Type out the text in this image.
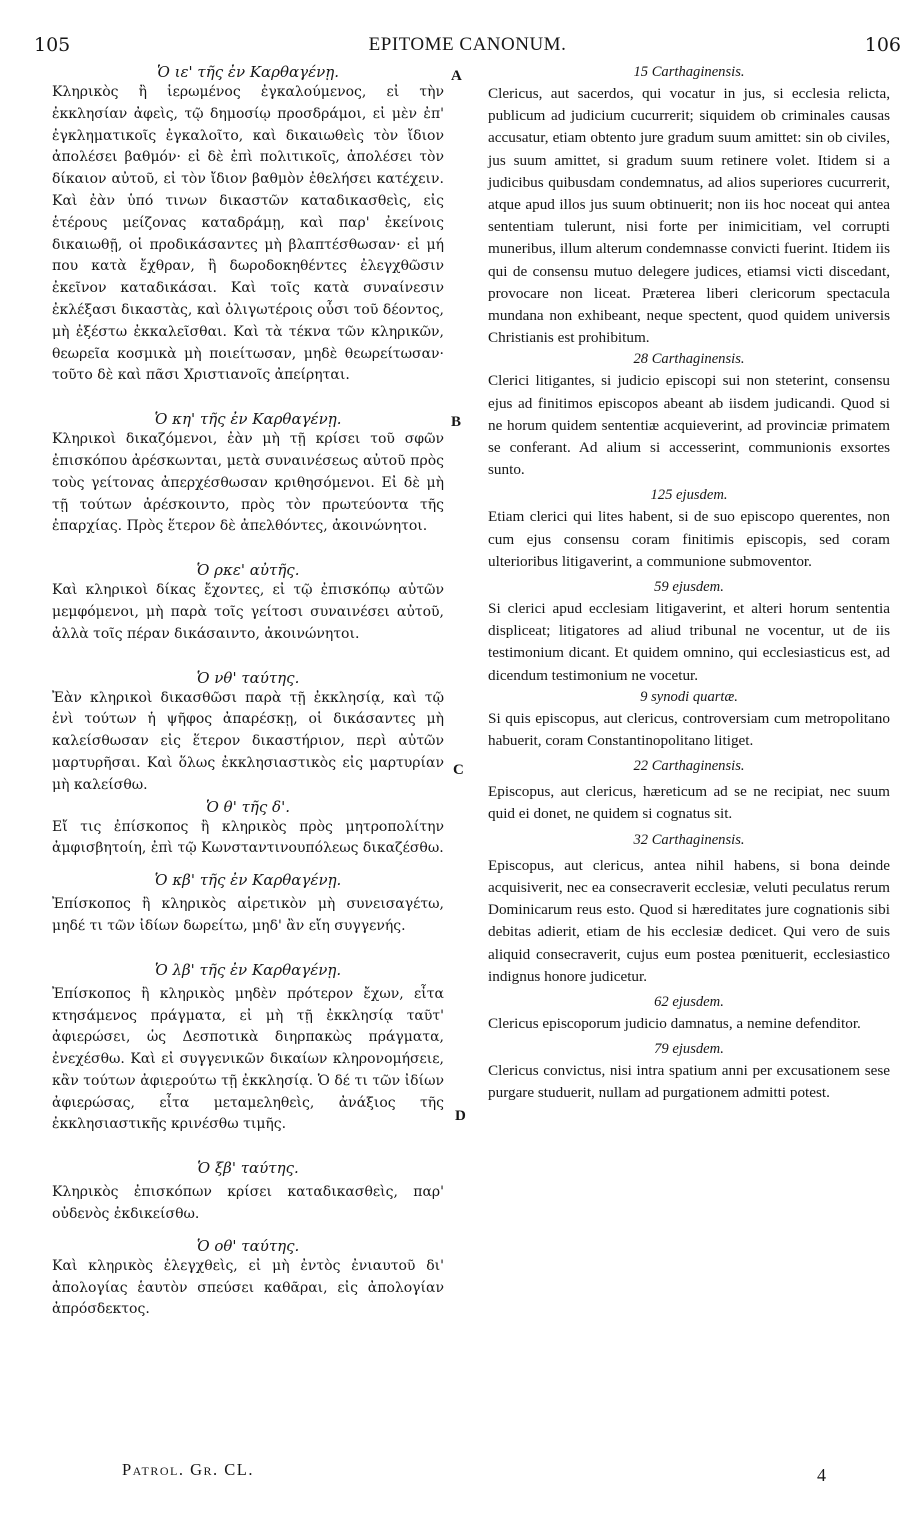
105	EPITOME CANONUM.	106
A
B
C
D

Ὁ ιε' τῆς ἐν Καρθαγένῃ.

Κληρικὸς ἢ ἱερωμένος ἐγκαλούμενος, εἰ τὴν ἐκκλησίαν ἀφεὶς, τῷ δημοσίῳ προσδράμοι, εἰ μὲν ἐπ' ἐγκληματικοῖς ἐγκαλοῖτο, καὶ δικαιωθεὶς τὸν ἴδιον ἀπολέσει βαθμόν· εἰ δὲ ἐπὶ πολιτικοῖς, ἀπολέσει τὸν δίκαιον αὐτοῦ, εἰ τὸν ἴδιον βαθμὸν ἐθελήσει κατέχειν. Καὶ ἐὰν ὑπό τινων δικαστῶν καταδικασθεὶς, εἰς ἑτέρους μείζονας καταδράμῃ, καὶ παρ' ἐκείνοις δικαιωθῇ, οἱ προδικάσαντες μὴ βλαπτέσθωσαν· εἰ μή που κατὰ ἔχθραν, ἢ δωροδοκηθέντες ἐλεγχθῶσιν ἐκεῖνον καταδικάσαι. Καὶ τοῖς κατὰ συναίνεσιν ἐκλέξασι δικαστὰς, καὶ ὀλιγωτέροις οὖσι τοῦ δέοντος, μὴ ἐξέστω ἐκκαλεῖσθαι. Καὶ τὰ τέκνα τῶν κληρικῶν, θεωρεῖα κοσμικὰ μὴ ποιείτωσαν, μηδὲ θεωρείτωσαν· τοῦτο δὲ καὶ πᾶσι Χριστιανοῖς ἀπείρηται.

Ὁ κη' τῆς ἐν Καρθαγένῃ.

Κληρικοὶ δικαζόμενοι, ἐὰν μὴ τῇ κρίσει τοῦ σφῶν ἐπισκόπου ἀρέσκωνται, μετὰ συναινέσεως αὐτοῦ πρὸς τοὺς γείτονας ἀπερχέσθωσαν κριθησόμενοι. Εἰ δὲ μὴ τῇ τούτων ἀρέσκοιντο, πρὸς τὸν πρωτεύοντα τῆς ἐπαρχίας. Πρὸς ἕτερον δὲ ἀπελθόντες, ἀκοινώνητοι.

Ὁ ρκε' αὐτῆς.

Καὶ κληρικοὶ δίκας ἔχοντες, εἰ τῷ ἐπισκόπῳ αὐτῶν μεμφόμενοι, μὴ παρὰ τοῖς γείτοσι συναινέσει αὐτοῦ, ἀλλὰ τοῖς πέραν δικάσαιντο, ἀκοινώνητοι.

Ὁ νθ' ταύτης.

Ἐὰν κληρικοὶ δικασθῶσι παρὰ τῇ ἐκκλησίᾳ, καὶ τῷ ἑνὶ τούτων ἡ ψῆφος ἀπαρέσκῃ, οἱ δικάσαντες μὴ καλείσθωσαν εἰς ἕτερον δικαστήριον, περὶ αὐτῶν μαρτυρῆσαι. Καὶ ὅλως ἐκκλησιαστικὸς εἰς μαρτυρίαν μὴ καλείσθω.

Ὁ θ' τῆς δ'.

Εἴ τις ἐπίσκοπος ἢ κληρικὸς πρὸς μητροπολίτην ἀμφισβητοίη, ἐπὶ τῷ Κωνσταντινουπόλεως δικαζέσθω.

Ὁ κβ' τῆς ἐν Καρθαγένῃ.

Ἐπίσκοπος ἢ κληρικὸς αἱρετικὸν μὴ συνεισαγέτω, μηδέ τι τῶν ἰδίων δωρείτω, μηδ' ἂν εἴη συγγενής.

Ὁ λβ' τῆς ἐν Καρθαγένῃ.

Ἐπίσκοπος ἢ κληρικὸς μηδὲν πρότερον ἔχων, εἶτα κτησάμενος πράγματα, εἰ μὴ τῇ ἐκκλησίᾳ ταῦτ' ἀφιερώσει, ὡς Δεσποτικὰ διηρπακὼς πράγματα, ἐνεχέσθω. Καὶ εἰ συγγενικῶν δικαίων κληρονομήσειε, κἂν τούτων ἀφιερούτω τῇ ἐκκλησίᾳ. Ὁ δέ τι τῶν ἰδίων ἀφιερώσας, εἶτα μεταμεληθεὶς, ἀνάξιος τῆς ἐκκλησιαστικῆς κρινέσθω τιμῆς.

Ὁ ξβ' ταύτης.

Κληρικὸς ἐπισκόπων κρίσει καταδικασθεὶς, παρ' οὐδενὸς ἐκδικείσθω.

Ὁ οθ' ταύτης.

Καὶ κληρικὸς ἐλεγχθεὶς, εἰ μὴ ἐντὸς ἐνιαυτοῦ δι' ἀπολογίας ἑαυτὸν σπεύσει καθᾶραι, εἰς ἀπολογίαν ἀπρόσδεκτος.

15 Carthaginensis.

Clericus, aut sacerdos, qui vocatur in jus, si ecclesia relicta, publicum ad judicium cucurrerit; siquidem ob criminales causas accusatur, etiam obtento jure gradum suum amittet: sin ob civiles, jus suum amittet, si gradum suum retinere volet. Itidem si a judicibus quibusdam condemnatus, ad alios superiores cucurrerit, atque apud illos jus suum obtinuerit; non iis hoc noceat qui antea sententiam tulerunt, nisi forte per inimicitiam, vel corrupti muneribus, illum alterum condemnasse convicti fuerint. Itidem iis qui de consensu mutuo delegere judices, etiamsi victi discedant, provocare non liceat. Præterea liberi clericorum spectacula mundana non exhibeant, neque spectent, quod quidem universis Christianis est prohibitum.

28 Carthaginensis.

Clerici litigantes, si judicio episcopi sui non steterint, consensu ejus ad finitimos episcopos abeant ab iisdem judicandi. Quod si ne horum quidem sententiæ acquieverint, ad provinciæ primatem se conferant. Ad alium si accesserint, communionis exsortes sunto.

125 ejusdem.

Etiam clerici qui lites habent, si de suo episcopo querentes, non cum ejus consensu coram finitimis episcopis, sed coram ulterioribus litigaverint, a communione submoventor.

59 ejusdem.

Si clerici apud ecclesiam litigaverint, et alteri horum sententia displiceat; litigatores ad aliud tribunal ne vocentur, ut de iis testimonium dicant. Et quidem omnino, qui ecclesiasticus est, ad dicendum testimonium ne vocetur.

9 synodi quartæ.

Si quis episcopus, aut clericus, controversiam cum metropolitano habuerit, coram Constantinopolitano litiget.

22 Carthaginensis.

Episcopus, aut clericus, hæreticum ad se ne recipiat, nec suum quid ei donet, ne quidem si cognatus sit.

32 Carthaginensis.

Episcopus, aut clericus, antea nihil habens, si bona deinde acquisiverit, nec ea consecraverit ecclesiæ, veluti peculatus rerum Dominicarum reus esto. Quod si hæreditates jure cognationis sibi debitas adierit, etiam de his ecclesiæ dedicet. Qui vero de suis aliquid consecraverit, cujus eum postea pœnituerit, ecclesiastico indignus honore judicetur.

62 ejusdem.

Clericus episcoporum judicio damnatus, a nemine defenditor.

79 ejusdem.

Clericus convictus, nisi intra spatium anni per excusationem sese purgare studuerit, nullam ad purgationem admitti potest.

Patrol. Gr. CL.	4
